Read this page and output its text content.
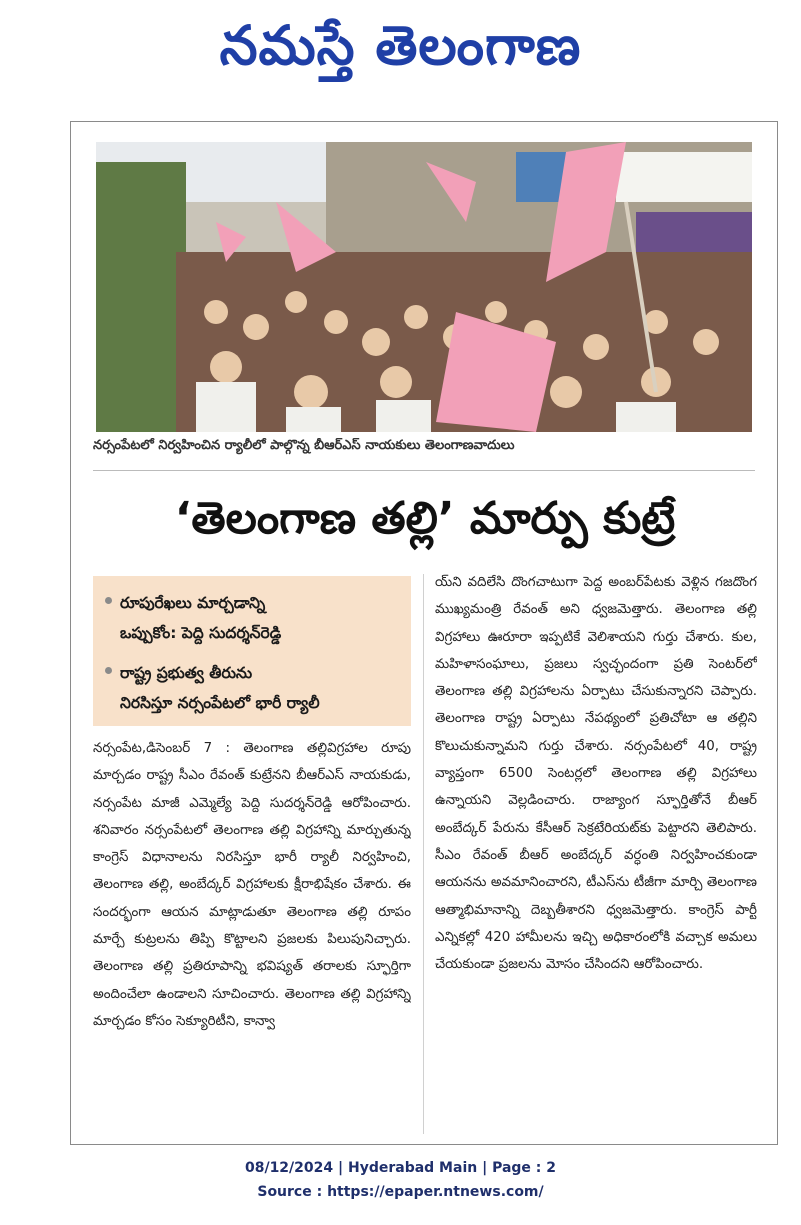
నమస్తే తెలంగాణ
నర్సంపేటలో నిర్వహించిన ర్యాలీలో పాల్గొన్న బీఆర్ఎస్ నాయకులు తెలంగాణవాదులు
‘తెలంగాణ తల్లి’ మార్పు కుట్రే
రూపురేఖలు మార్చడాన్ని
ఒప్పుకోం: పెద్ది సుదర్శన్‌రెడ్డి
రాష్ట్ర ప్రభుత్వ తీరును
నిరసిస్తూ నర్సంపేటలో భారీ ర్యాలీ
నర్సంపేట,డిసెంబర్ 7 : తెలంగాణ తల్లివిగ్రహాల రూపు మార్చడం రాష్ట్ర సీఎం రేవంత్ కుట్రేనని బీఆర్ఎస్ నాయకుడు, నర్సంపేట మాజీ ఎమ్మెల్యే పెద్ది సుదర్శన్‌రెడ్డి ఆరోపించారు. శనివారం నర్సంపేటలో తెలంగాణ తల్లి విగ్రహాన్ని మార్చుతున్న కాంగ్రెస్ విధానాలను నిరసిస్తూ భారీ ర్యాలీ నిర్వహించి, తెలంగాణ తల్లి, అంబేద్కర్ విగ్రహాలకు క్షీరాభిషేకం చేశారు. ఈ సందర్భంగా ఆయన మాట్లాడుతూ తెలంగాణ తల్లి రూపం మార్చే కుట్రలను తిప్పి కొట్టాలని ప్రజలకు పిలుపునిచ్చారు. తెలంగాణ తల్లి ప్రతిరూపాన్ని భవిష్యత్ తరాలకు స్ఫూర్తిగా అందించేలా ఉండాలని సూచించారు. తెలంగాణ తల్లి విగ్రహాన్ని మార్చడం కోసం సెక్యూరిటీని, కాన్వా
య్‌ని వదిలేసి దొంగచాటుగా పెద్ద అంబర్‌పేటకు వెళ్లిన గజదొంగ ముఖ్యమంత్రి రేవంత్ అని ధ్వజమెత్తారు. తెలంగాణ తల్లి విగ్రహాలు ఊరూరా ఇప్పటికే వెలిశాయని గుర్తు చేశారు. కుల, మహిళాసంఘాలు, ప్రజలు స్వచ్ఛందంగా ప్రతి సెంటర్‌లో తెలంగాణ తల్లి విగ్రహాలను ఏర్పాటు చేసుకున్నారని చెప్పారు. తెలంగాణ రాష్ట్ర ఏర్పాటు నేపథ్యంలో ప్రతిచోటా ఆ తల్లిని కొలుచుకున్నామని గుర్తు చేశారు. నర్సంపేటలో 40, రాష్ట్ర వ్యాప్తంగా 6500 సెంటర్లలో తెలంగాణ తల్లి విగ్రహాలు ఉన్నాయని వెల్లడించారు. రాజ్యాంగ స్ఫూర్తితోనే బీఆర్ అంబేద్కర్ పేరును కేసీఆర్ సెక్రటేరియట్‌కు పెట్టారని తెలిపారు. సీఎం రేవంత్ బీఆర్ అంబేద్కర్ వర్ధంతి నిర్వహించకుండా ఆయనను అవమానించారని, టీఎస్‌ను టీజీగా మార్చి తెలంగాణ ఆత్మాభిమానాన్ని దెబ్బతీశారని ధ్వజమెత్తారు. కాంగ్రెస్ పార్టీ ఎన్నికల్లో 420 హామీలను ఇచ్చి అధికారంలోకి వచ్చాక అమలు చేయకుండా ప్రజలను మోసం చేసిందని ఆరోపించారు.
08/12/2024 | Hyderabad Main | Page : 2
Source : https://epaper.ntnews.com/
